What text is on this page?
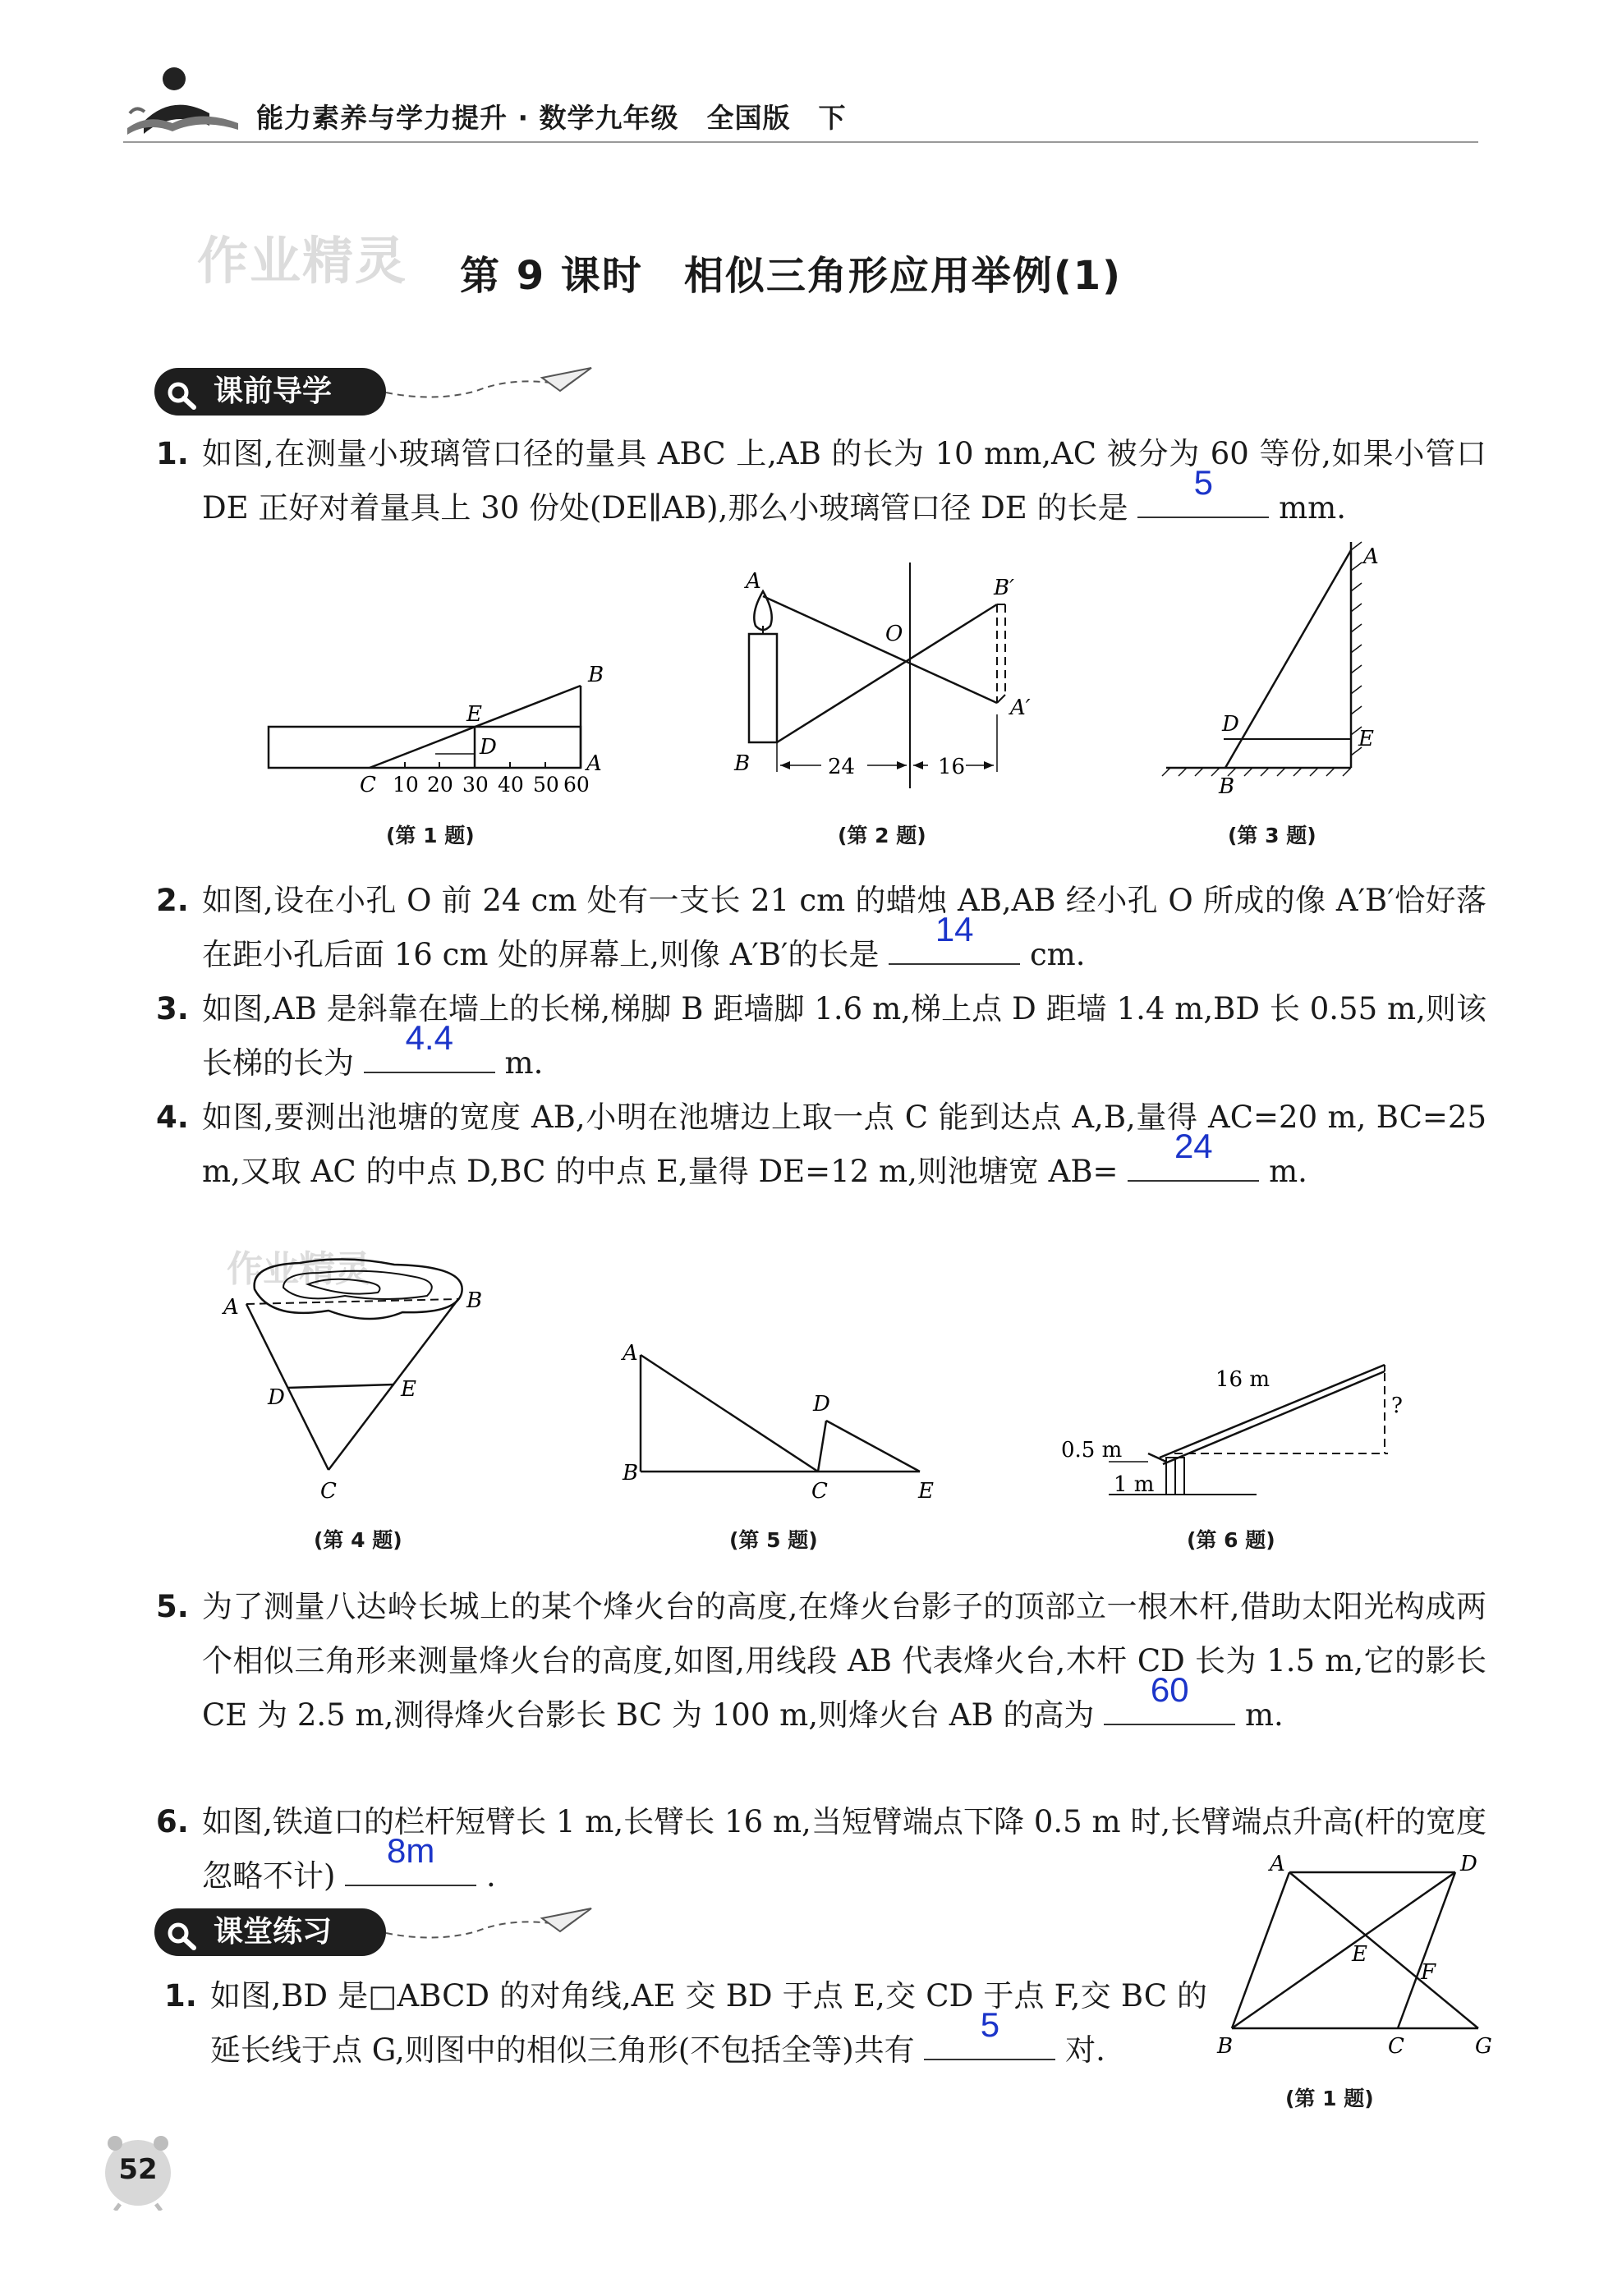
能力素养与学力提升 · 数学九年级　全国版　下
作业精灵 第 9 课时　相似三角形应用举例(1)
课前导学
1. 如图,在测量小玻璃管口径的量具 ABC 上,AB 的长为 10 mm,AC 被分为 60 等份,如果小管口 DE 正好对着量具上 30 份处(DE∥AB),那么小玻璃管口径 DE 的长是
5
mm.
B
E
D
A
C 10 20 30 40 50 60
(第 1 题)
24	16
A
B
O
A′
B′
(第 2 题)
A
B
D
E
(第 3 题)
2. 如图,设在小孔 O 前 24 cm 处有一支长 21 cm 的蜡烛 AB,AB 经小孔 O 所成的像 A′B′恰好落在距小孔后面 16 cm 处的屏幕上,则像 A′B′的长是
14
cm.
3. 如图,AB 是斜靠在墙上的长梯,梯脚 B 距墙脚 1.6 m,梯上点 D 距墙 1.4 m,BD 长 0.55 m,则该长梯的长为
4.4
m.
4. 如图,要测出池塘的宽度 AB,小明在池塘边上取一点 C 能到达点 A,B,量得 AC=20 m, BC=25 m,又取 AC 的中点 D,BC 的中点 E,量得 DE=12 m,则池塘宽 AB=
24
m.
作业精灵
A	B
C
D	E
(第 4 题)
A
B
C
D
E
(第 5 题)
16 m
0.5 m
1 m
?
(第 6 题)
5. 为了测量八达岭长城上的某个烽火台的高度,在烽火台影子的顶部立一根木杆,借助太阳光构成两个相似三角形来测量烽火台的高度,如图,用线段 AB 代表烽火台,木杆 CD 长为 1.5 m,它的影长 CE 为 2.5 m,测得烽火台影长 BC 为 100 m,则烽火台 AB 的高为
60
m.
6. 如图,铁道口的栏杆短臂长 1 m,长臂长 16 m,当短臂端点下降 0.5 m 时,长臂端点升高(杆的宽度忽略不计)
8m
.
课堂练习
1. 如图,BD 是□ABCD 的对角线,AE 交 BD 于点 E,交 CD 于点 F,交 BC 的延长线于点 G,则图中的相似三角形(不包括全等)共有
5
对.
A
B	C
D
E
F
G
(第 1 题)
52
